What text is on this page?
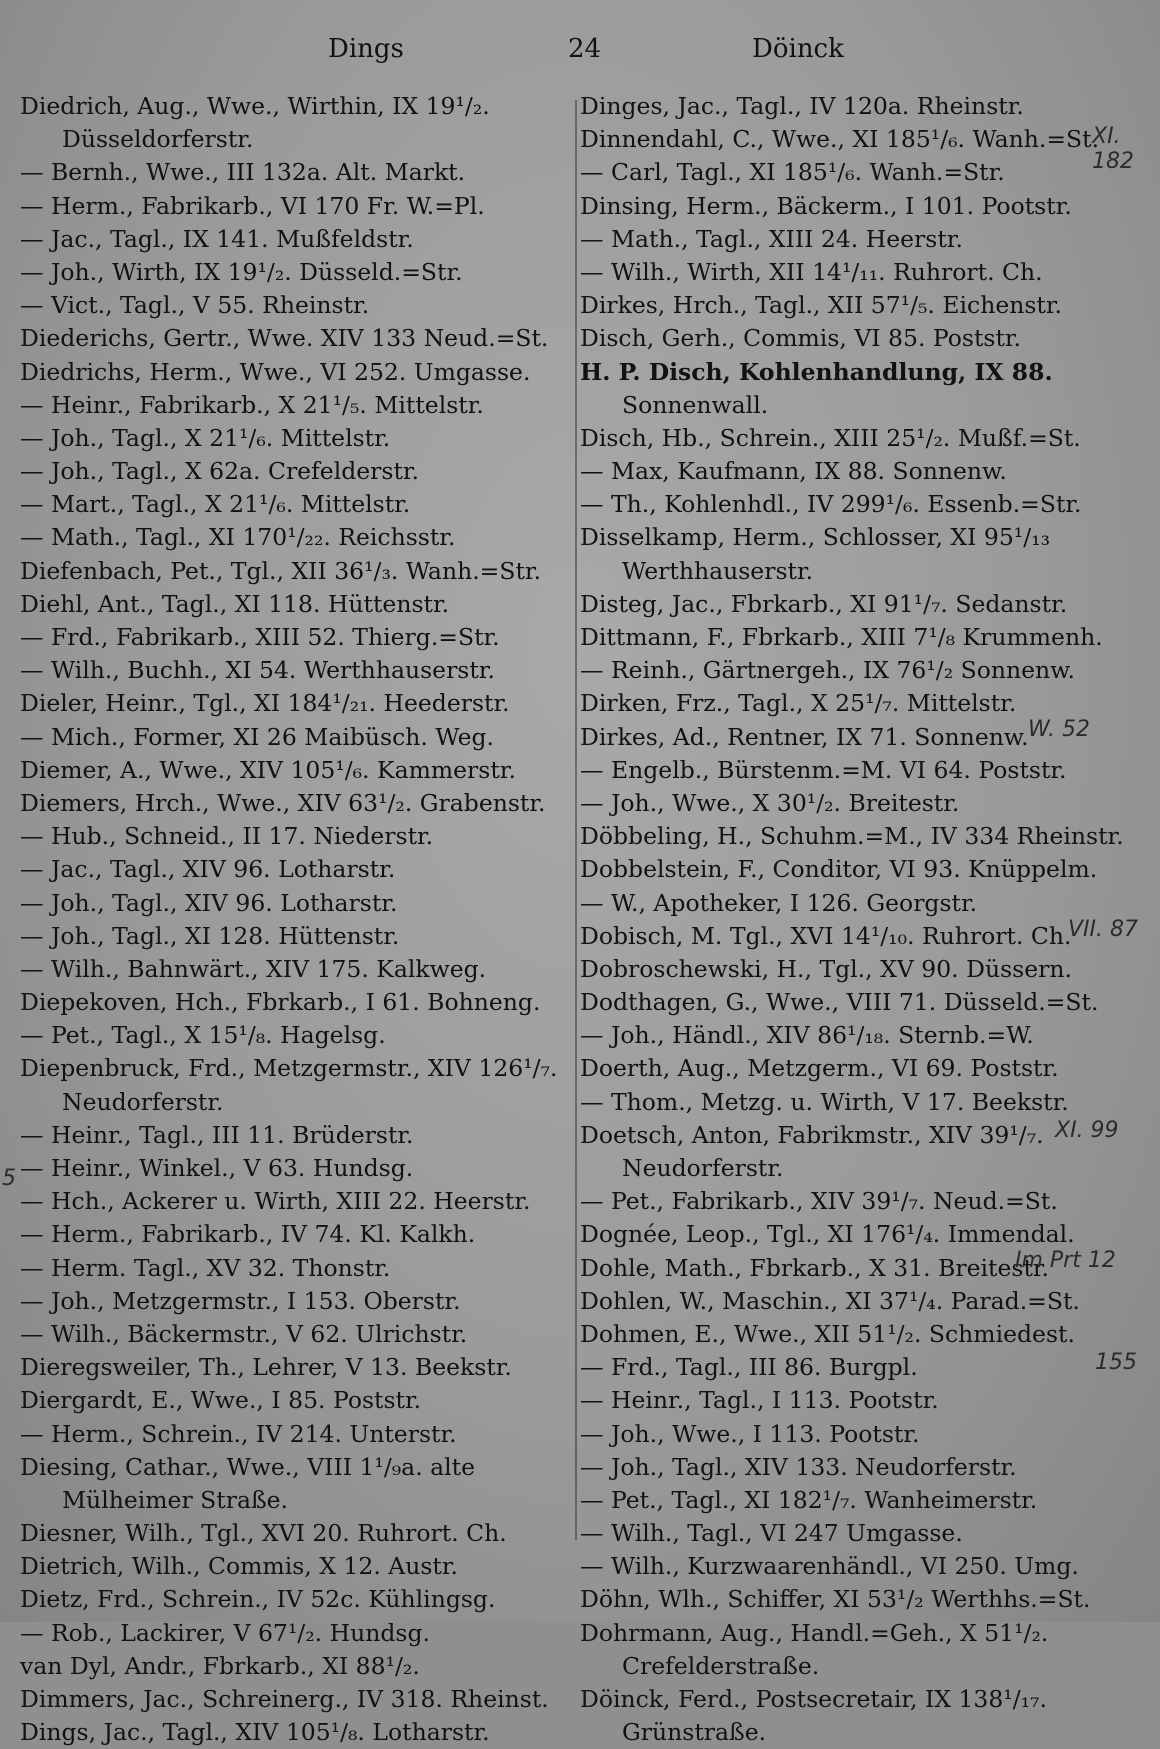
Dings	24	Döinck
Diedrich, Aug., Wwe., Wirthin, IX 19¹/₂.
Düsseldorferstr.
— Bernh., Wwe., III 132a. Alt. Markt.
— Herm., Fabrikarb., VI 170 Fr. W.=Pl.
— Jac., Tagl., IX 141. Mußfeldstr.
— Joh., Wirth, IX 19¹/₂. Düsseld.=Str.
— Vict., Tagl., V 55. Rheinstr.
Diederichs, Gertr., Wwe. XIV 133 Neud.=St.
Diedrichs, Herm., Wwe., VI 252. Umgasse.
— Heinr., Fabrikarb., X 21¹/₅. Mittelstr.
— Joh., Tagl., X 21¹/₆. Mittelstr.
— Joh., Tagl., X 62a. Crefelderstr.
— Mart., Tagl., X 21¹/₆. Mittelstr.
— Math., Tagl., XI 170¹/₂₂. Reichsstr.
Diefenbach, Pet., Tgl., XII 36¹/₃. Wanh.=Str.
Diehl, Ant., Tagl., XI 118. Hüttenstr.
— Frd., Fabrikarb., XIII 52. Thierg.=Str.
— Wilh., Buchh., XI 54. Werthhauserstr.
Dieler, Heinr., Tgl., XI 184¹/₂₁. Heederstr.
— Mich., Former, XI 26 Maibüsch. Weg.
Diemer, A., Wwe., XIV 105¹/₆. Kammerstr.
Diemers, Hrch., Wwe., XIV 63¹/₂. Grabenstr.
— Hub., Schneid., II 17. Niederstr.
— Jac., Tagl., XIV 96. Lotharstr.
— Joh., Tagl., XIV 96. Lotharstr.
— Joh., Tagl., XI 128. Hüttenstr.
— Wilh., Bahnwärt., XIV 175. Kalkweg.
Diepekoven, Hch., Fbrkarb., I 61. Bohneng.
— Pet., Tagl., X 15¹/₈. Hagelsg.
Diepenbruck, Frd., Metzgermstr., XIV 126¹/₇.
Neudorferstr.
— Heinr., Tagl., III 11. Brüderstr.
— Heinr., Winkel., V 63. Hundsg.
— Hch., Ackerer u. Wirth, XIII 22. Heerstr.
— Herm., Fabrikarb., IV 74. Kl. Kalkh.
— Herm. Tagl., XV 32. Thonstr.
— Joh., Metzgermstr., I 153. Oberstr.
— Wilh., Bäckermstr., V 62. Ulrichstr.
Dieregsweiler, Th., Lehrer, V 13. Beekstr.
Diergardt, E., Wwe., I 85. Poststr.
— Herm., Schrein., IV 214. Unterstr.
Diesing, Cathar., Wwe., VIII 1¹/₉a. alte
Mülheimer Straße.
Diesner, Wilh., Tgl., XVI 20. Ruhrort. Ch.
Dietrich, Wilh., Commis, X 12. Austr.
Dietz, Frd., Schrein., IV 52c. Kühlingsg.
— Rob., Lackirer, V 67¹/₂. Hundsg.
van Dyl, Andr., Fbrkarb., XI 88¹/₂.
Dimmers, Jac., Schreinerg., IV 318. Rheinst.
Dings, Jac., Tagl., XIV 105¹/₈. Lotharstr.
Dinges, Jac., Tagl., IV 120a. Rheinstr.
Dinnendahl, C., Wwe., XI 185¹/₆. Wanh.=St.
— Carl, Tagl., XI 185¹/₆. Wanh.=Str.
Dinsing, Herm., Bäckerm., I 101. Pootstr.
— Math., Tagl., XIII 24. Heerstr.
— Wilh., Wirth, XII 14¹/₁₁. Ruhrort. Ch.
Dirkes, Hrch., Tagl., XII 57¹/₅. Eichenstr.
Disch, Gerh., Commis, VI 85. Poststr.
H. P. Disch, Kohlenhandlung, IX 88.
Sonnenwall.
Disch, Hb., Schrein., XIII 25¹/₂. Mußf.=St.
— Max, Kaufmann, IX 88. Sonnenw.
— Th., Kohlenhdl., IV 299¹/₆. Essenb.=Str.
Disselkamp, Herm., Schlosser, XI 95¹/₁₃
Werthhauserstr.
Disteg, Jac., Fbrkarb., XI 91¹/₇. Sedanstr.
Dittmann, F., Fbrkarb., XIII 7¹/₈ Krummenh.
— Reinh., Gärtnergeh., IX 76¹/₂ Sonnenw.
Dirken, Frz., Tagl., X 25¹/₇. Mittelstr.
Dirkes, Ad., Rentner, IX 71. Sonnenw.
— Engelb., Bürstenm.=M. VI 64. Poststr.
— Joh., Wwe., X 30¹/₂. Breitestr.
Döbbeling, H., Schuhm.=M., IV 334 Rheinstr.
Dobbelstein, F., Conditor, VI 93. Knüppelm.
— W., Apotheker, I 126. Georgstr.
Dobisch, M. Tgl., XVI 14¹/₁₀. Ruhrort. Ch.
Dobroschewski, H., Tgl., XV 90. Düssern.
Dodthagen, G., Wwe., VIII 71. Düsseld.=St.
— Joh., Händl., XIV 86¹/₁₈. Sternb.=W.
Doerth, Aug., Metzgerm., VI 69. Poststr.
— Thom., Metzg. u. Wirth, V 17. Beekstr.
Doetsch, Anton, Fabrikmstr., XIV 39¹/₇.
Neudorferstr.
— Pet., Fabrikarb., XIV 39¹/₇. Neud.=St.
Dognée, Leop., Tgl., XI 176¹/₄. Immendal.
Dohle, Math., Fbrkarb., X 31. Breitestr.
Dohlen, W., Maschin., XI 37¹/₄. Parad.=St.
Dohmen, E., Wwe., XII 51¹/₂. Schmiedest.
— Frd., Tagl., III 86. Burgpl.
— Heinr., Tagl., I 113. Pootstr.
— Joh., Wwe., I 113. Pootstr.
— Joh., Tagl., XIV 133. Neudorferstr.
— Pet., Tagl., XI 182¹/₇. Wanheimerstr.
— Wilh., Tagl., VI 247 Umgasse.
— Wilh., Kurzwaarenhändl., VI 250. Umg.
Döhn, Wlh., Schiffer, XI 53¹/₂ Werthhs.=St.
Dohrmann, Aug., Handl.=Geh., X 51¹/₂.
Crefelderstraße.
Döinck, Ferd., Postsecretair, IX 138¹/₁₇.
Grünstraße.
XI. 182
W. 52
VII. 87
XI. 99
Im Prt 12
155
5
